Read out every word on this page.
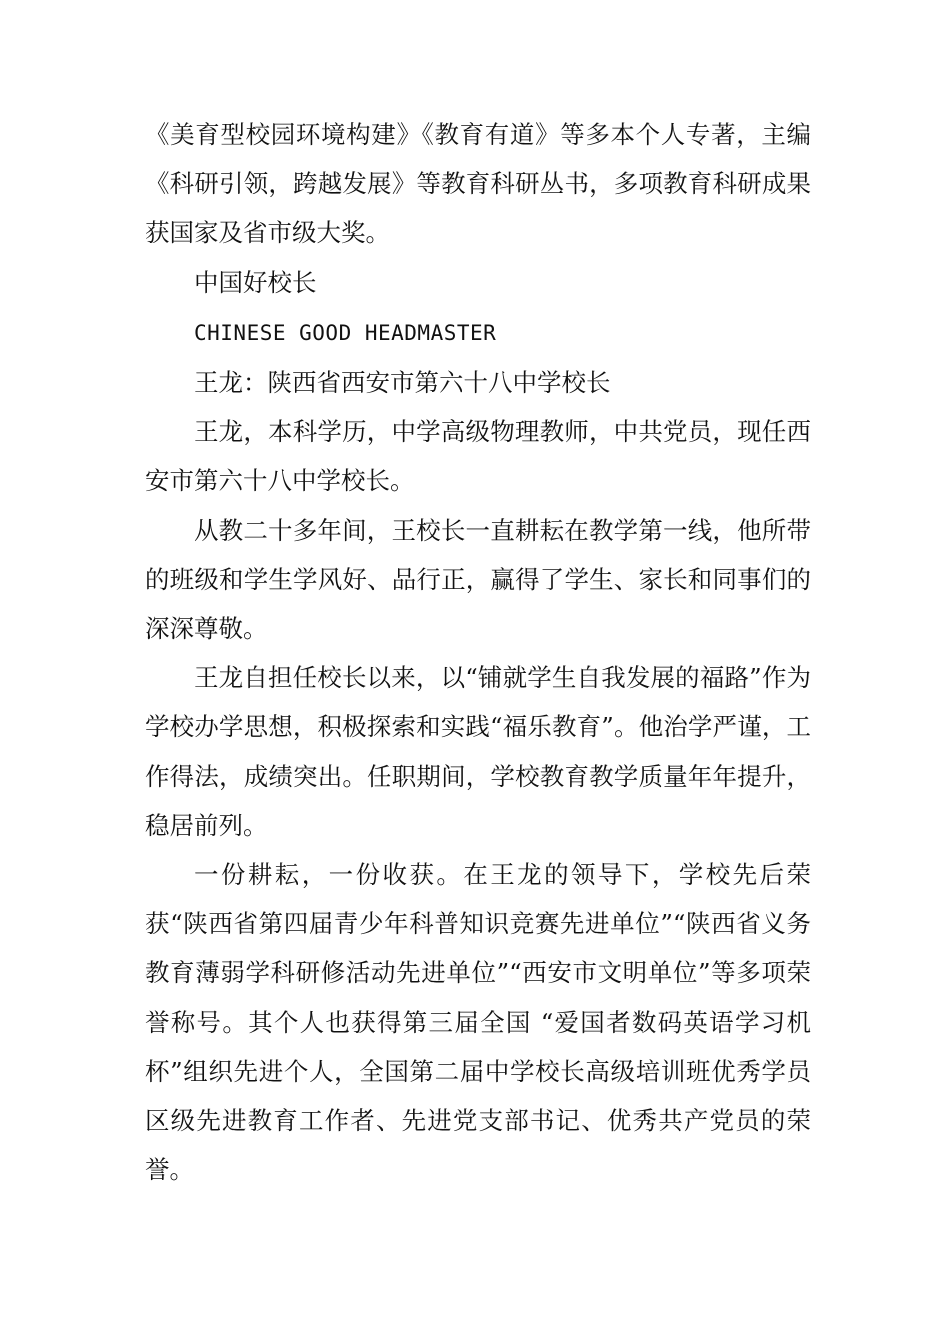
《美育型校园环境构建》《教育有道》等多本个人专著，主编《科研引领，跨越发展》等教育科研丛书，多项教育科研成果获国家及省市级大奖。

中国好校长

CHINESE GOOD HEADMASTER

王龙：陕西省西安市第六十八中学校长

王龙，本科学历，中学高级物理教师，中共党员，现任西安市第六十八中学校长。

从教二十多年间，王校长一直耕耘在教学第一线，他所带的班级和学生学风好、品行正，赢得了学生、家长和同事们的深深尊敬。

王龙自担任校长以来，以“铺就学生自我发展的福路”作为学校办学思想，积极探索和实践“福乐教育”。他治学严谨，工作得法，成绩突出。任职期间，学校教育教学质量年年提升，稳居前列。

一份耕耘，一份收获。在王龙的领导下，学校先后荣获“陕西省第四届青少年科普知识竞赛先进单位”“陕西省义务教育薄弱学科研修活动先进单位”“西安市文明单位”等多项荣誉称号。其个人也获得第三届全国 “爱国者数码英语学习机杯”组织先进个人，全国第二届中学校长高级培训班优秀学员区级先进教育工作者、先进党支部书记、优秀共产党员的荣誉。
